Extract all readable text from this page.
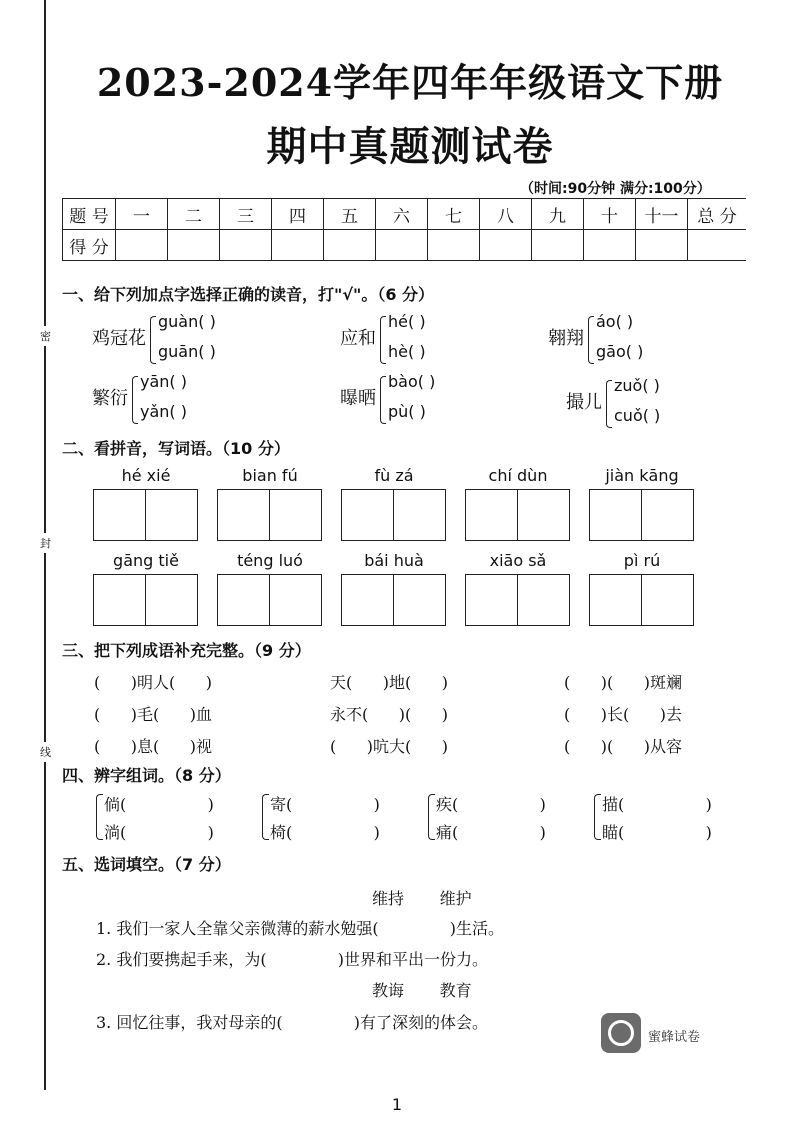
密
封
线
2023-2024学年四年年级语文下册
期中真题测试卷
（时间:90分钟 满分:100分）
题 号	一	二	三	四	五	六	七	八	九	十	十一	总 分
得 分												
一、给下列加点字选择正确的读音，打"√"。（6 分）
鸡冠花
guàn( )
guān( )
应和
hé( )
hè( )
翱翔
áo( )
gāo( )
繁衍
yān( )
yǎn( )
曝晒
bào( )
pù( )	撮儿
zuǒ( )
cuǒ( )
二、看拼音，写词语。（10 分）
hé xié	bian fú	fù zá	chí dùn	jiàn kāng
gāng tiě	téng luó	bái huà	xiāo sǎ	pì rú
三、把下列成语补充完整。（9 分）
(      )明人(      )	天(      )地(      )	(      )(      )斑斓
(      )毛(      )血	永不(      )(      )	(      )长(      )去
(      )息(      )视	(      )吭大(      )	(      )(      )从容
四、辨字组词。（8 分）
倘(                )
淌(                )
寄(                )
椅(                )
疾(                )
痛(                )
描(                )
瞄(                )
五、选词填空。（7 分）
维持       维护
1. 我们一家人全靠父亲微薄的薪水勉强(              )生活。
2. 我们要携起手来，为(              )世界和平出一份力。
教诲       教育
3. 回忆往事，我对母亲的(              )有了深刻的体会。
蜜蜂试卷
1
